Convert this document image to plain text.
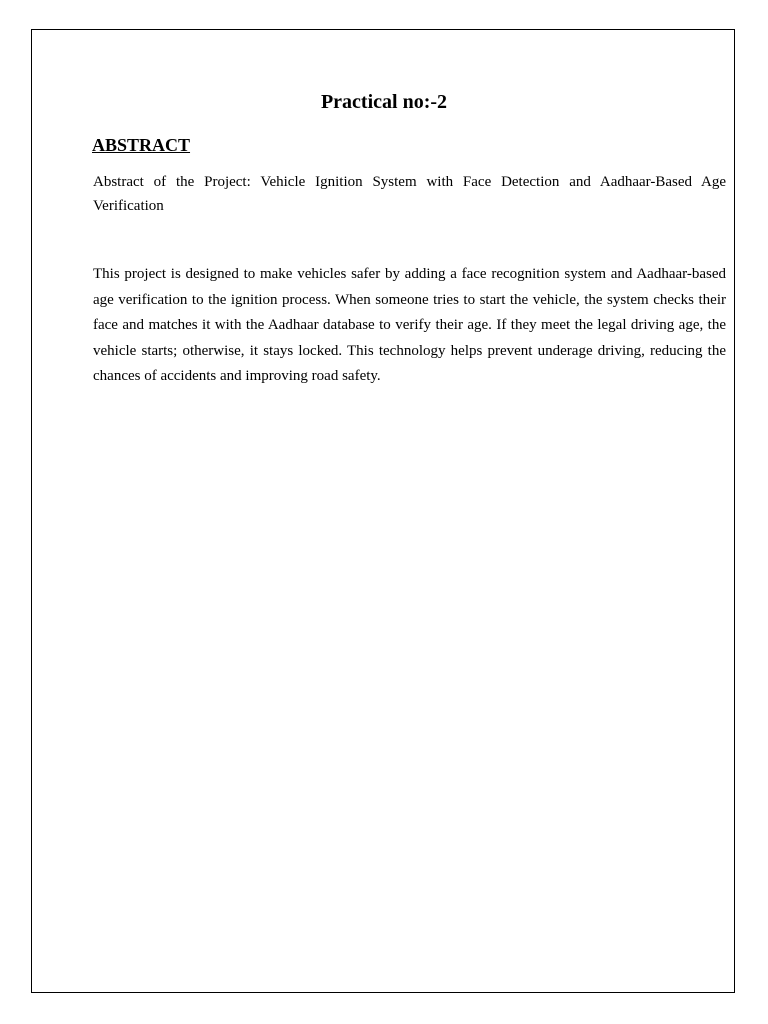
Practical no:-2
ABSTRACT

Abstract of the Project: Vehicle Ignition System with Face Detection and Aadhaar-Based Age Verification

This project is designed to make vehicles safer by adding a face recognition system and Aadhaar-based age verification to the ignition process. When someone tries to start the vehicle, the system checks their face and matches it with the Aadhaar database to verify their age. If they meet the legal driving age, the vehicle starts; otherwise, it stays locked. This technology helps prevent underage driving, reducing the chances of accidents and improving road safety.
